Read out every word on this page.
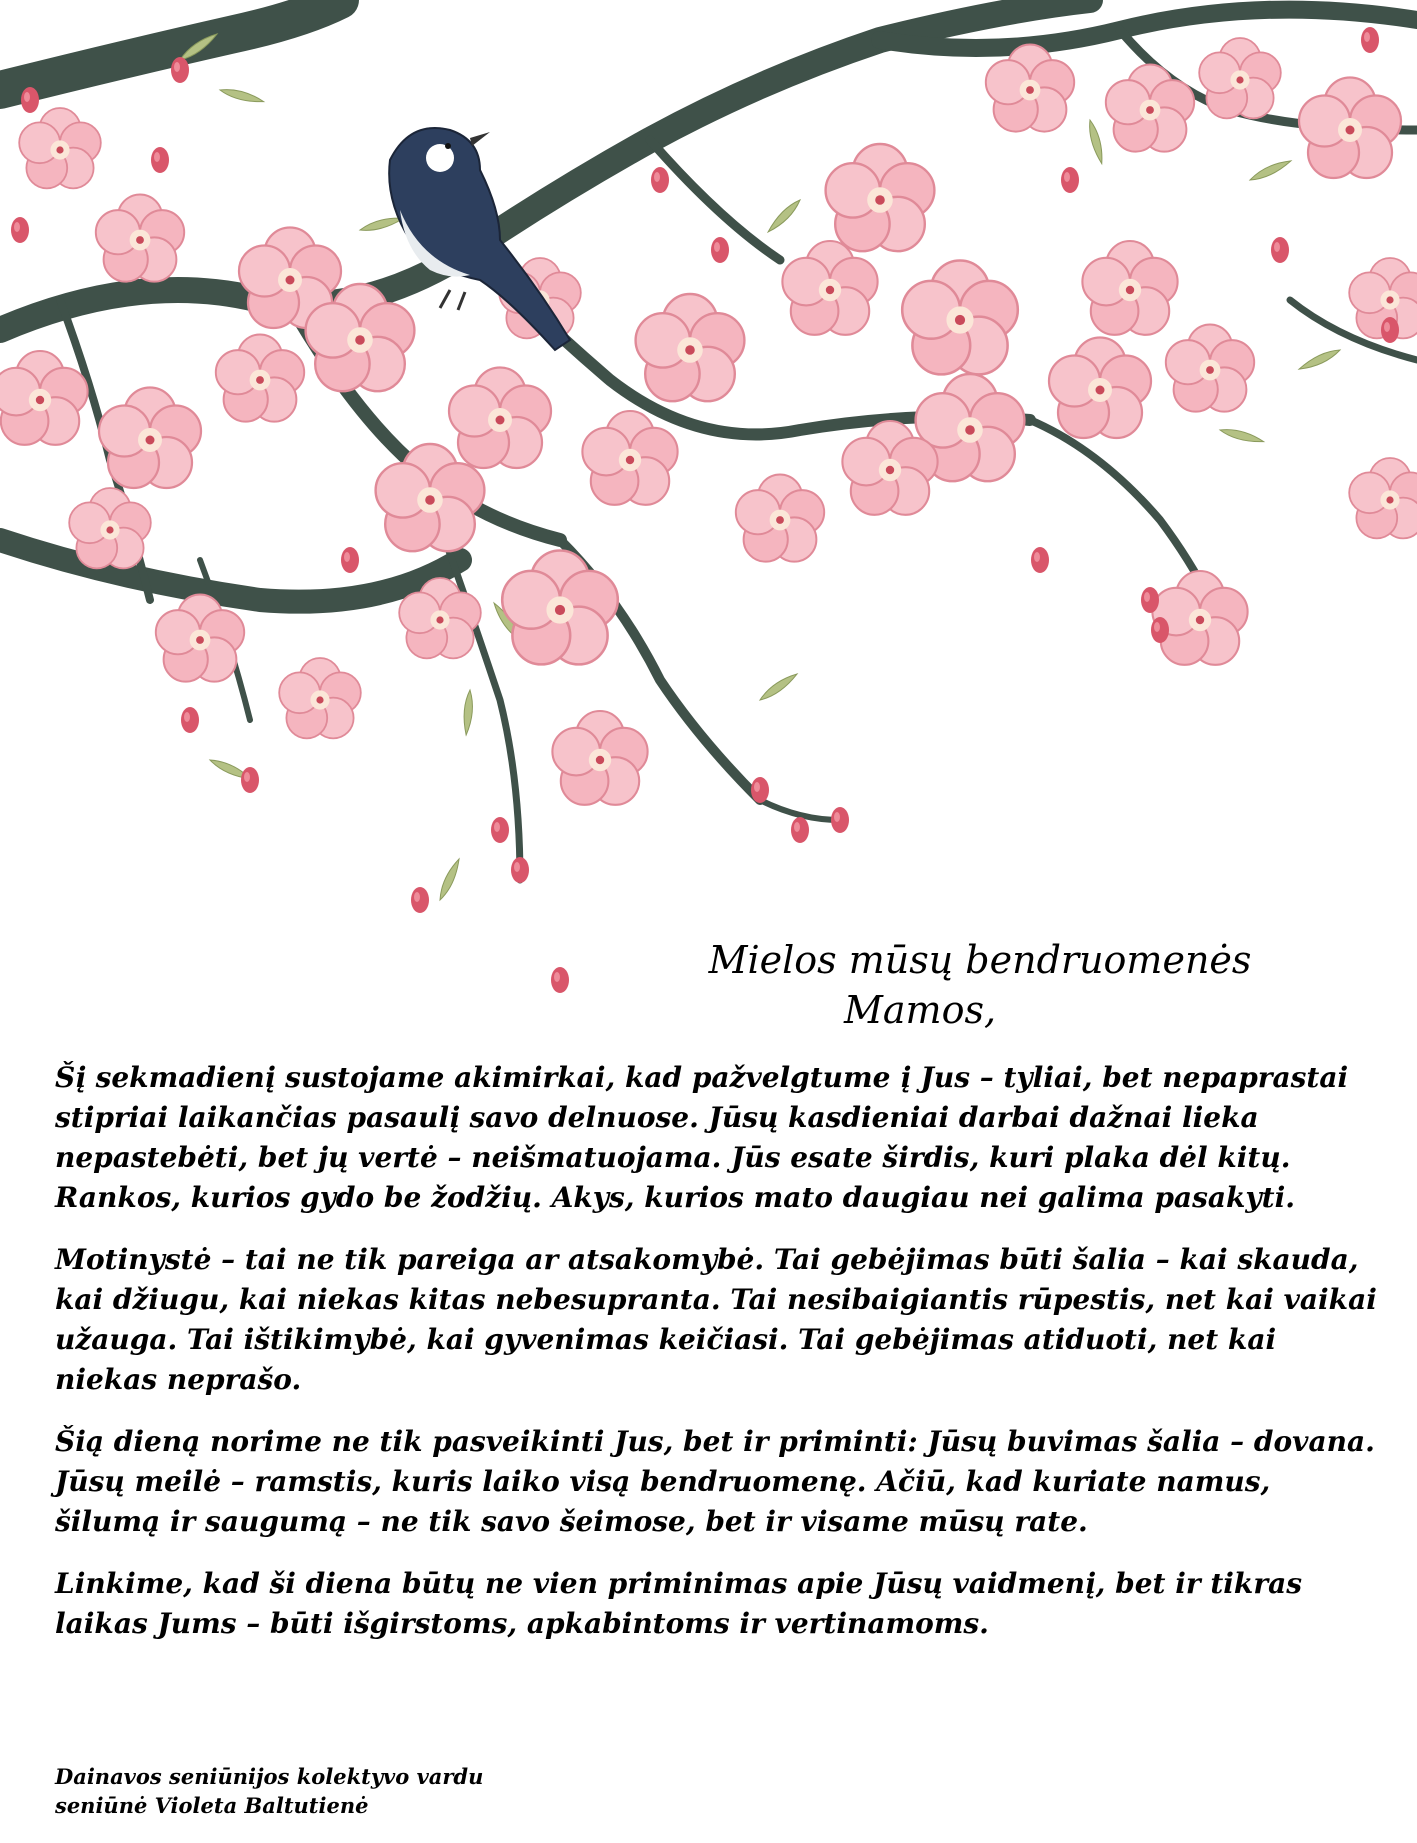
Mielos mūsų bendruomenės
Mamos,

Šį sekmadienį sustojame akimirkai, kad pažvelgtume į Jus – tyliai, bet nepaprastai stipriai laikančias pasaulį savo delnuose. Jūsų kasdieniai darbai dažnai lieka nepastebėti, bet jų vertė – neišmatuojama. Jūs esate širdis, kuri plaka dėl kitų. Rankos, kurios gydo be žodžių. Akys, kurios mato daugiau nei galima pasakyti.

Motinystė – tai ne tik pareiga ar atsakomybė. Tai gebėjimas būti šalia – kai skauda, kai džiugu, kai niekas kitas nebesupranta. Tai nesibaigiantis rūpestis, net kai vaikai užauga. Tai ištikimybė, kai gyvenimas keičiasi. Tai gebėjimas atiduoti, net kai niekas neprašo.

Šią dieną norime ne tik pasveikinti Jus, bet ir priminti: Jūsų buvimas šalia – dovana. Jūsų meilė – ramstis, kuris laiko visą bendruomenę. Ačiū, kad kuriate namus, šilumą ir saugumą – ne tik savo šeimose, bet ir visame mūsų rate.

Linkime, kad ši diena būtų ne vien priminimas apie Jūsų vaidmenį, bet ir tikras laikas Jums – būti išgirstoms, apkabintoms ir vertinamoms.

Dainavos seniūnijos kolektyvo vardu
seniūnė Violeta Baltutienė
